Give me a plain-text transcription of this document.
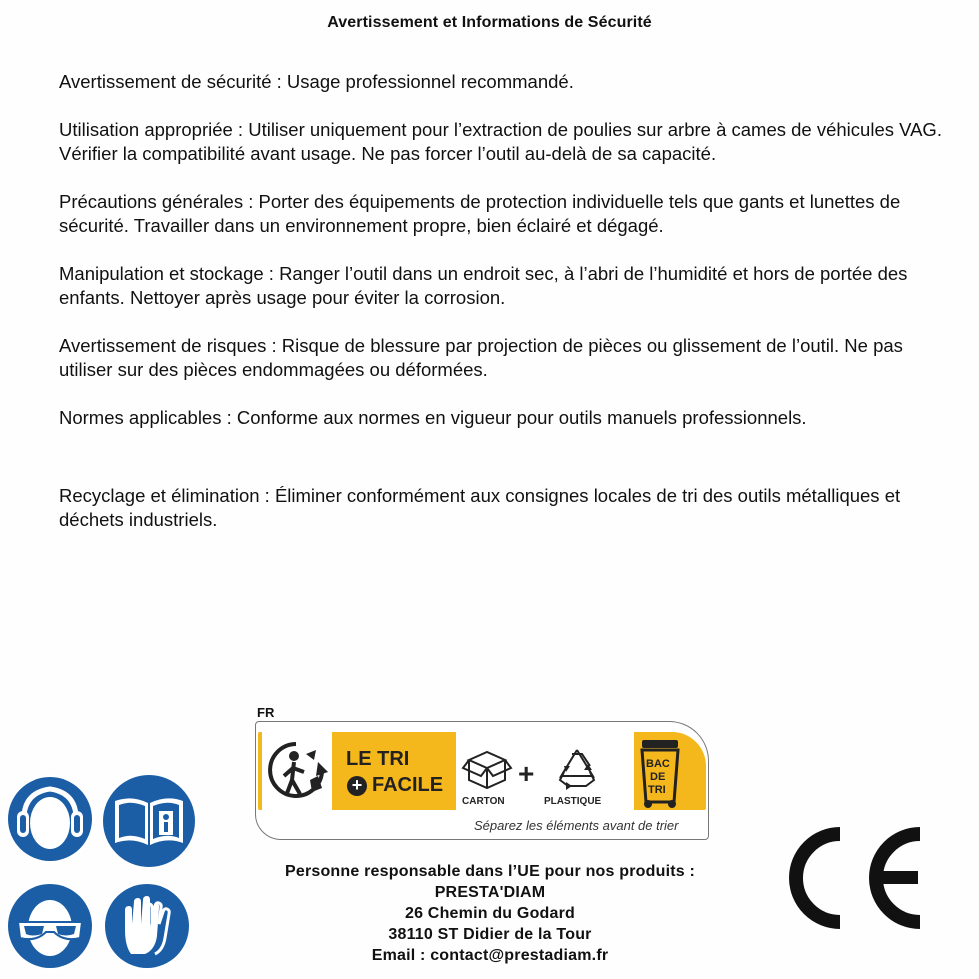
Avertissement et Informations de Sécurité

Avertissement de sécurité : Usage professionnel recommandé.

Utilisation appropriée : Utiliser uniquement pour l’extraction de poulies sur arbre à cames de véhicules VAG. Vérifier la compatibilité avant usage. Ne pas forcer l’outil au-delà de sa capacité.

Précautions générales : Porter des équipements de protection individuelle tels que gants et lunettes de sécurité. Travailler dans un environnement propre, bien éclairé et dégagé.

Manipulation et stockage : Ranger l’outil dans un endroit sec, à l’abri de l’humidité et hors de portée des enfants. Nettoyer après usage pour éviter la corrosion.

Avertissement de risques : Risque de blessure par projection de pièces ou glissement de l’outil. Ne pas utiliser sur des pièces endommagées ou déformées.

Normes applicables : Conforme aux normes en vigueur pour outils manuels professionnels.

Recyclage et élimination : Éliminer conformément aux consignes locales de tri des outils métalliques et déchets industriels.

FR
LE TRI
+ FACILE	+
CARTON	PLASTIQUE
BAC
DE
TRI
Séparez les éléments avant de trier
Personne responsable dans l’UE pour nos produits :
PRESTA'DIAM
26 Chemin du Godard
38110 ST Didier de la Tour
Email : contact@prestadiam.fr
